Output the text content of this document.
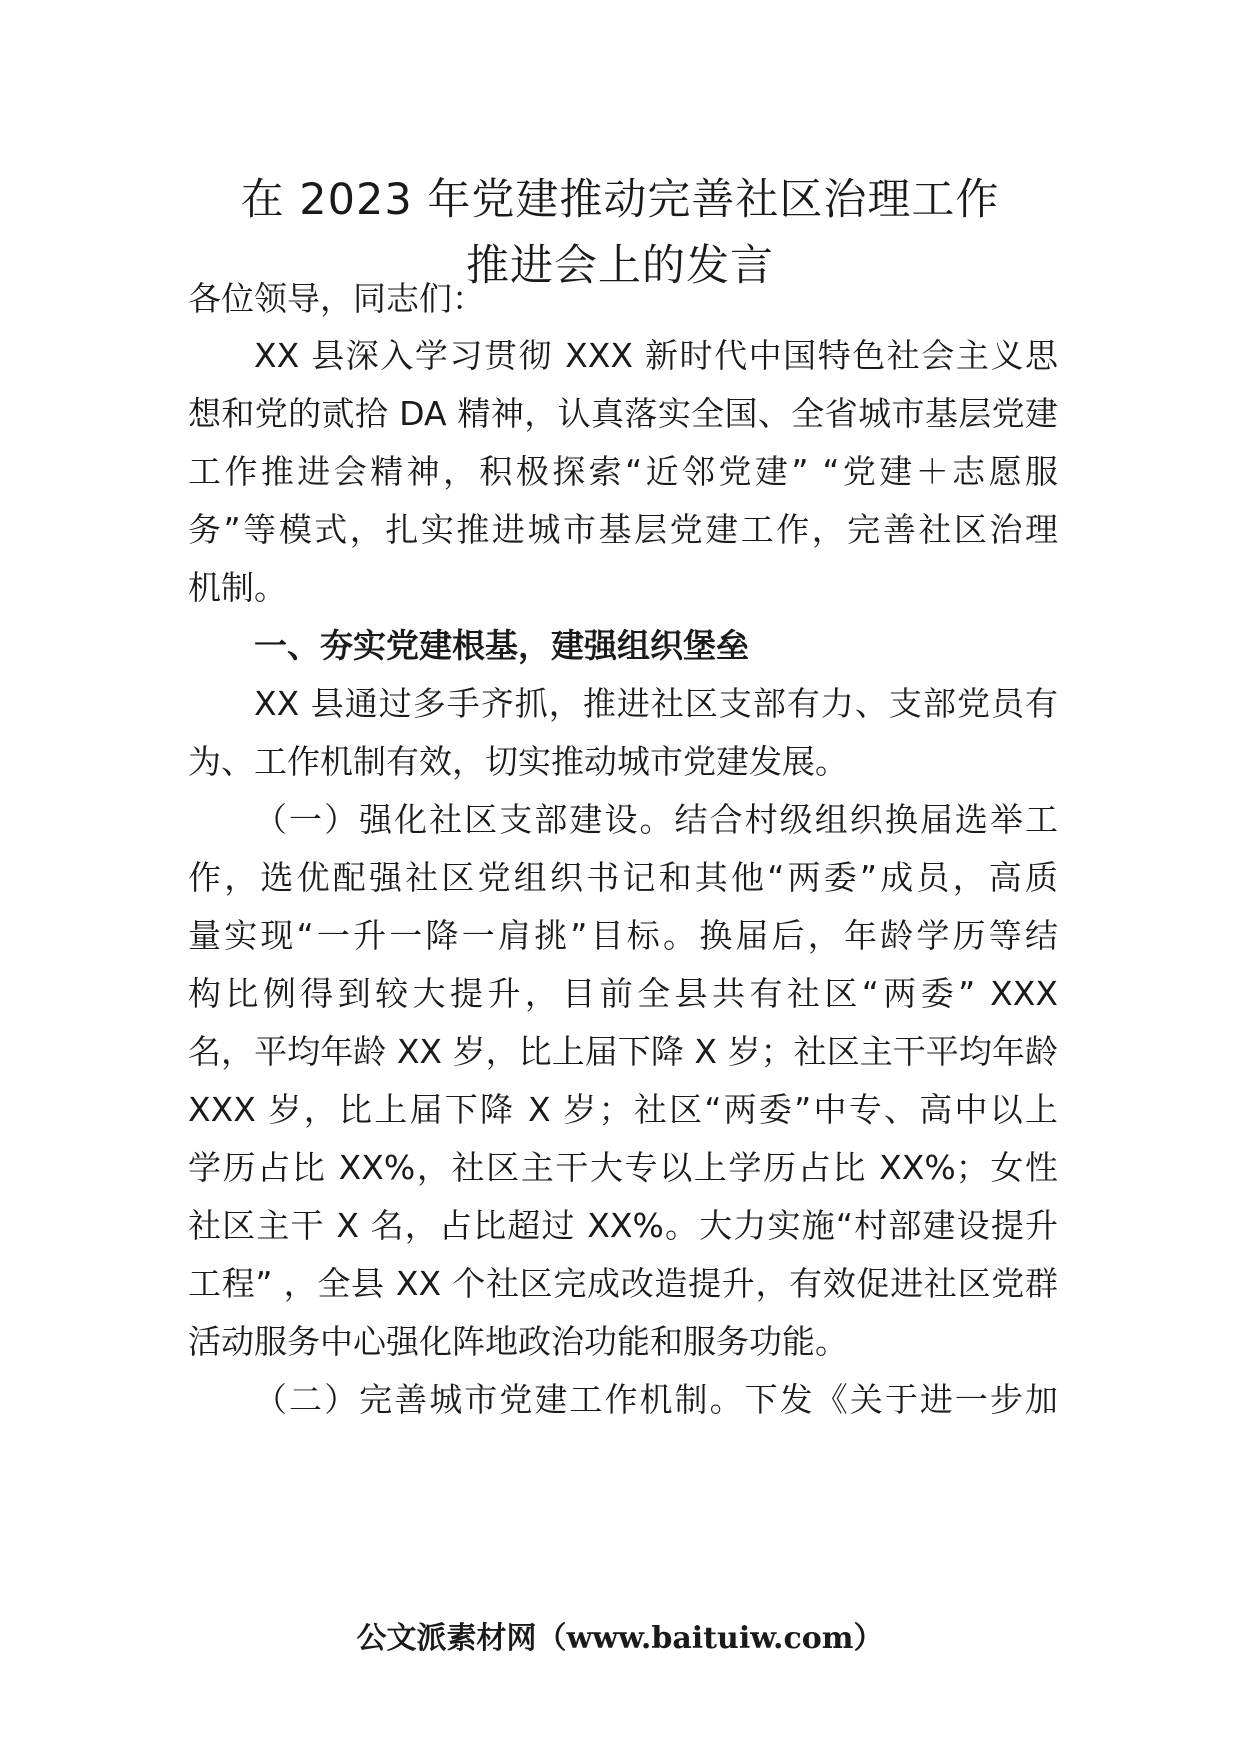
在 2023 年党建推动完善社区治理工作
推进会上的发言
各位领导，同志们：
XX 县深入学习贯彻 XXX 新时代中国特色社会主义思
想和党的贰拾 DA 精神，认真落实全国、全省城市基层党建
工作推进会精神，积极探索“近邻党建” “党建＋志愿服
务”等模式，扎实推进城市基层党建工作，完善社区治理
机制。
一、夯实党建根基，建强组织堡垒
XX 县通过多手齐抓，推进社区支部有力、支部党员有
为、工作机制有效，切实推动城市党建发展。
（一）强化社区支部建设。结合村级组织换届选举工
作，选优配强社区党组织书记和其他“两委”成员，高质
量实现“一升一降一肩挑”目标。换届后，年龄学历等结
构比例得到较大提升，目前全县共有社区“两委” XXX
名，平均年龄 XX 岁，比上届下降 X 岁；社区主干平均年龄
XXX 岁，比上届下降 X 岁；社区“两委”中专、高中以上
学历占比 XX%，社区主干大专以上学历占比 XX%；女性
社区主干 X 名，占比超过 XX%。大力实施“村部建设提升
工程” ，全县 XX 个社区完成改造提升，有效促进社区党群
活动服务中心强化阵地政治功能和服务功能。
（二）完善城市党建工作机制。下发《关于进一步加
公文派素材网（www.baituiw.com）
